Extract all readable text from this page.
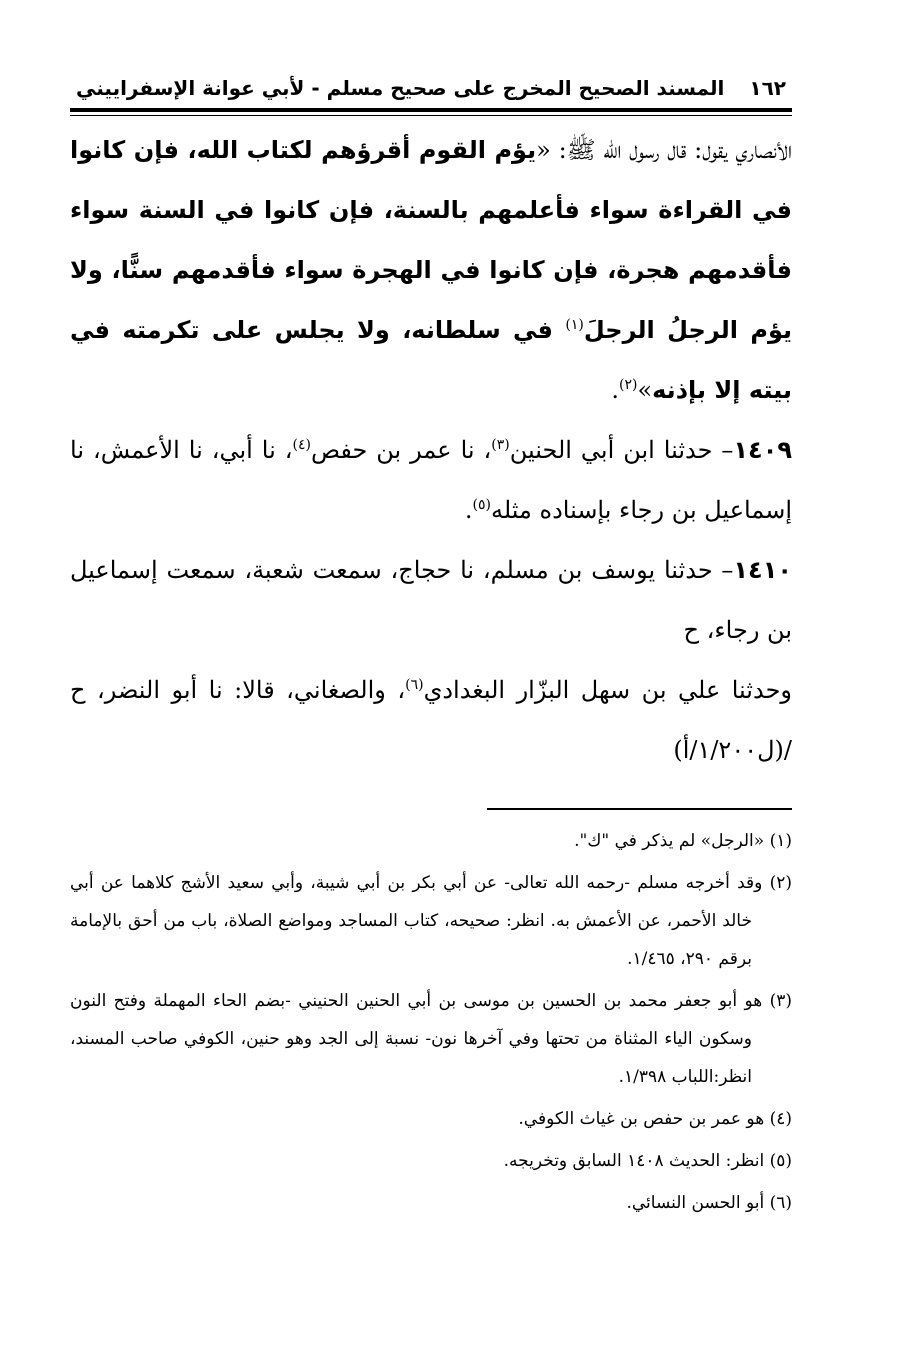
١٦٢
المسند الصحيح المخرج على صحيح مسلم - لأبي عوانة الإسفراييني

الأنصاري يقول: قال رسول الله ﷺ: «يؤم القوم أقرؤهم لكتاب الله، فإن كانوا في القراءة سواء فأعلمهم بالسنة، فإن كانوا في السنة سواء فأقدمهم هجرة، فإن كانوا في الهجرة سواء فأقدمهم سنًّا، ولا يؤم الرجلُ الرجلَ$^{(١)}$ في سلطانه، ولا يجلس على تكرمته في بيته إلا بإذنه»$^{(٢)}$.

١٤٠٩– حدثنا ابن أبي الحنين$^{(٣)}$، نا عمر بن حفص$^{(٤)}$، نا أبي، نا الأعمش، نا إسماعيل بن رجاء بإسناده مثله$^{(٥)}$.

١٤١٠– حدثنا يوسف بن مسلم، نا حجاج، سمعت شعبة، سمعت إسماعيل بن رجاء، ح

وحدثنا علي بن سهل البزّار البغدادي$^{(٦)}$، والصغاني، قالا: نا أبو النضر، ح /(ل١/٢٠٠/أ)

(١) «الرجل» لم يذكر في "ك".

(٢) وقد أخرجه مسلم -رحمه الله تعالى- عن أبي بكر بن أبي شيبة، وأبي سعيد الأشج كلاهما عن أبي خالد الأحمر، عن الأعمش به. انظر: صحيحه، كتاب المساجد ومواضع الصلاة، باب من أحق بالإمامة برقم ٢٩٠، ١/٤٦٥.

(٣) هو أبو جعفر محمد بن الحسين بن موسى بن أبي الحنين الحنيني -بضم الحاء المهملة وفتح النون وسكون الياء المثناة من تحتها وفي آخرها نون- نسبة إلى الجد وهو حنين، الكوفي صاحب المسند، انظر:اللباب ١/٣٩٨.

(٤) هو عمر بن حفص بن غياث الكوفي.

(٥) انظر: الحديث ١٤٠٨ السابق وتخريجه.

(٦) أبو الحسن النسائي.
